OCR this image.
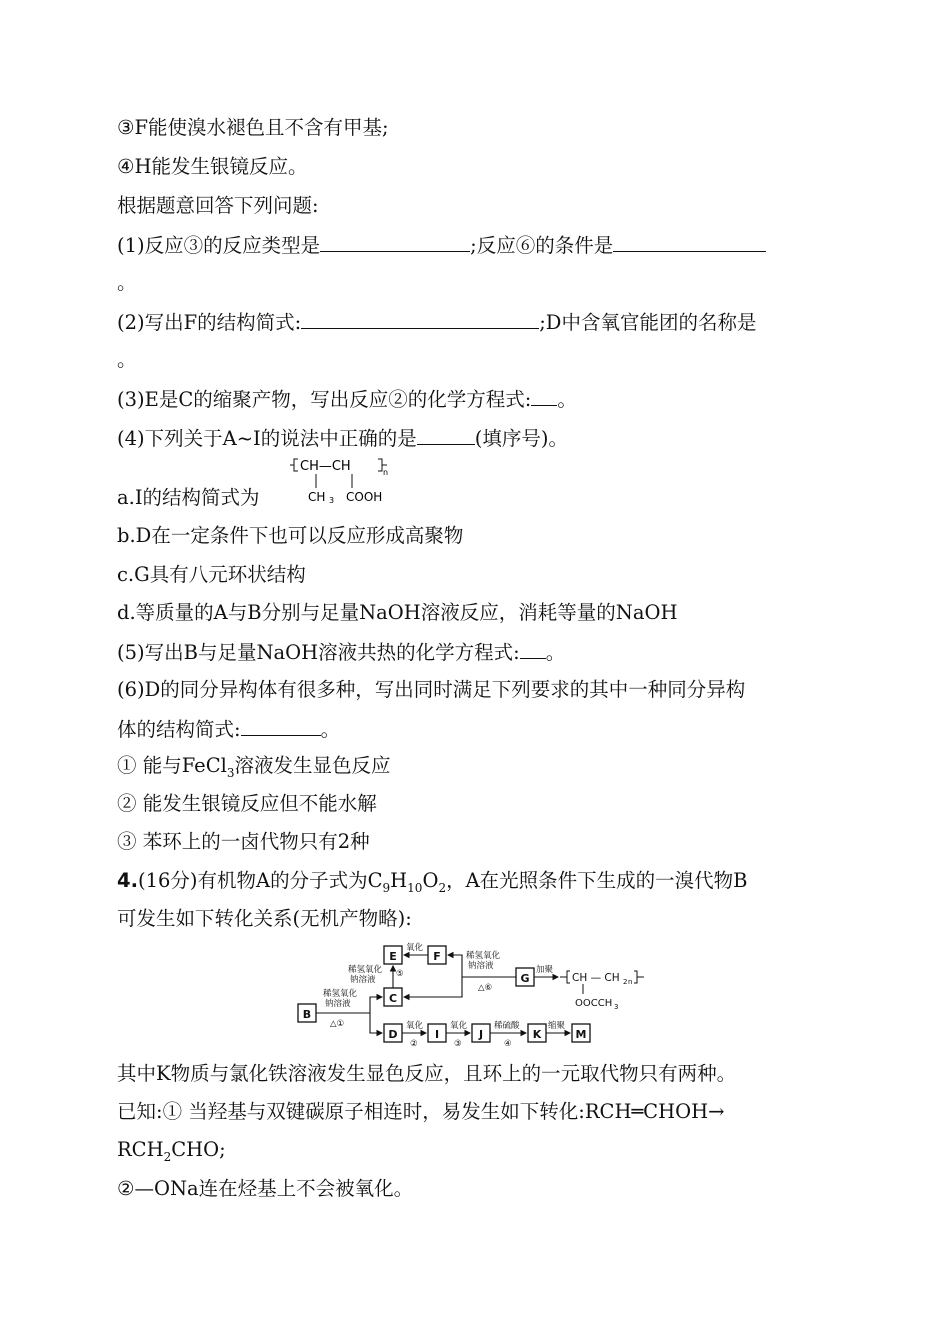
③F能使溴水褪色且不含有甲基;
④H能发生银镜反应。
根据题意回答下列问题:
(1)反应③的反应类型是	;反应⑥的条件是
。
(2)写出F的结构简式:	;D中含氧官能团的名称是
。
(3)E是C的缩聚产物，写出反应②的化学方程式: 。
(4)下列关于A~I的说法中正确的是	(填序号)。
CH—CH	n
CH 3 COOH
a.I的结构简式为
b.D在一定条件下也可以反应形成高聚物
c.G具有八元环状结构
d.等质量的A与B分别与足量NaOH溶液反应，消耗等量的NaOH
(5)写出B与足量NaOH溶液共热的化学方程式: 。
(6)D的同分异构体有很多种，写出同时满足下列要求的其中一种同分异构
体的结构简式:	。
① 能与FeCl$_3$溶液发生显色反应
② 能发生银镜反应但不能水解
③ 苯环上的一卤代物只有2种
4.(16分)有机物A的分子式为$C_9H_{10}O_2$，A在光照条件下生成的一溴代物B
可发生如下转化关系(无机产物略):
B
C
E	F
G
D	I	J	K	M
稀氢氧化
钠溶液
⑤
稀氢氧化
钠溶液
△①
氧化
稀氢氧化
钠溶液
△⑥
加聚
氧化
②
氧化
③
稀硫酸
④
缩聚
CH — CH 2 n
OOCCH 3
其中K物质与氯化铁溶液发生显色反应，且环上的一元取代物只有两种。
已知:① 当羟基与双键碳原子相连时，易发生如下转化:RCH═CHOH→
$RCH_2CHO$;
②—ONa连在烃基上不会被氧化。
